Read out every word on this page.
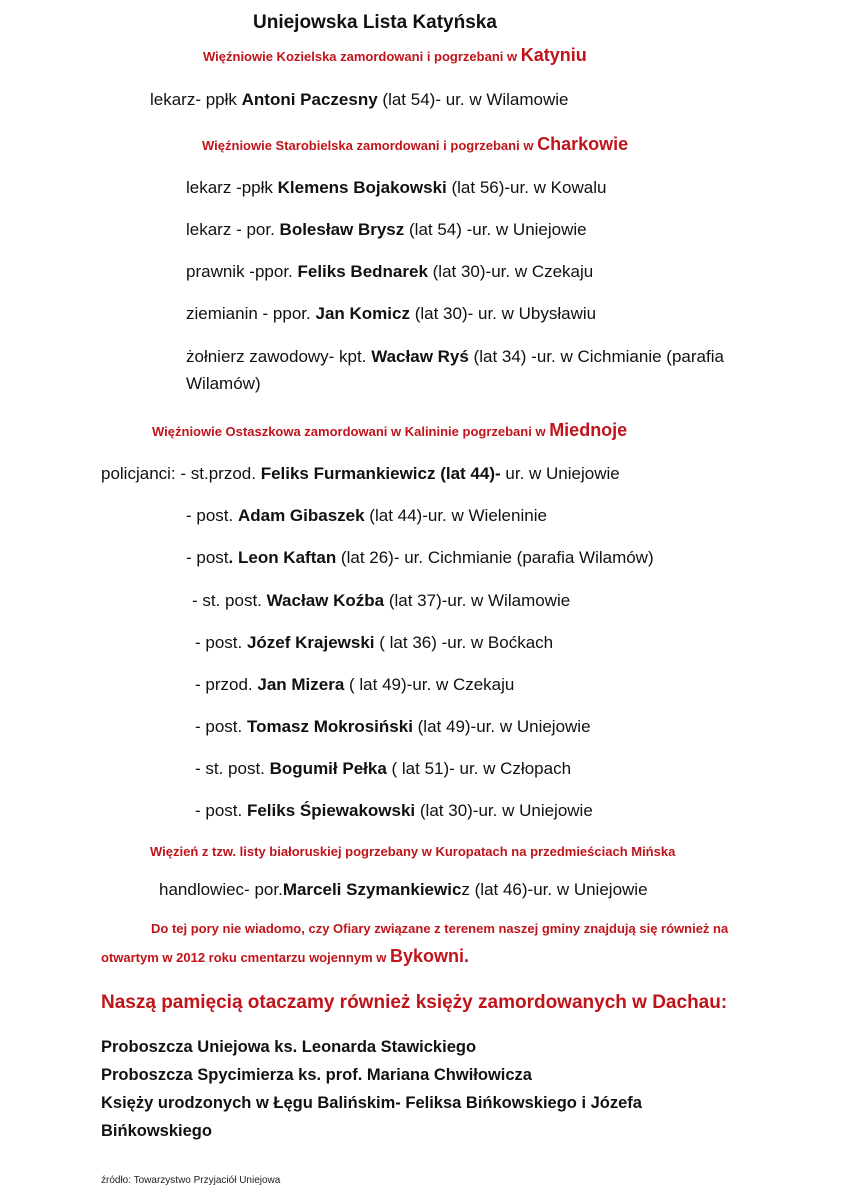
Uniejowska Lista Katyńska
Więźniowie Kozielska zamordowani i pogrzebani w Katyniu
lekarz- ppłk Antoni Paczesny (lat 54)- ur. w Wilamowie
Więźniowie Starobielska zamordowani i pogrzebani w Charkowie
lekarz -ppłk Klemens Bojakowski (lat 56)-ur. w Kowalu
lekarz - por. Bolesław Brysz (lat 54) -ur. w Uniejowie
prawnik -ppor. Feliks Bednarek (lat 30)-ur. w Czekaju
ziemianin - ppor. Jan Komicz (lat 30)- ur. w Ubysławiu
żołnierz zawodowy- kpt. Wacław Ryś (lat 34) -ur. w Cichmianie (parafia
Wilamów)
Więźniowie Ostaszkowa zamordowani w Kalininie pogrzebani w Miednoje
policjanci: - st.przod. Feliks Furmankiewicz (lat 44)- ur. w Uniejowie
- post. Adam Gibaszek (lat 44)-ur. w Wieleninie
- post. Leon Kaftan (lat 26)- ur. Cichmianie (parafia Wilamów)
- st. post. Wacław Koźba (lat 37)-ur. w Wilamowie
- post. Józef Krajewski ( lat 36) -ur. w Boćkach
- przod. Jan Mizera ( lat 49)-ur. w Czekaju
- post. Tomasz Mokrosiński (lat 49)-ur. w Uniejowie
- st. post. Bogumił Pełka ( lat 51)- ur. w Człopach
- post. Feliks Śpiewakowski (lat 30)-ur. w Uniejowie
Więzień z tzw. listy białoruskiej pogrzebany w Kuropatach na przedmieściach Mińska
handlowiec- por.Marceli Szymankiewicz (lat 46)-ur. w Uniejowie
Do tej pory nie wiadomo, czy Ofiary związane z terenem naszej gminy znajdują się również na
otwartym w 2012 roku cmentarzu wojennym w Bykowni.
Naszą pamięcią otaczamy również księży zamordowanych w Dachau:
Proboszcza Uniejowa ks. Leonarda Stawickiego
Proboszcza Spycimierza ks. prof. Mariana Chwiłowicza
Księży urodzonych w Łęgu Balińskim- Feliksa Bińkowskiego i Józefa
Bińkowskiego
źródło: Towarzystwo Przyjaciół Uniejowa
